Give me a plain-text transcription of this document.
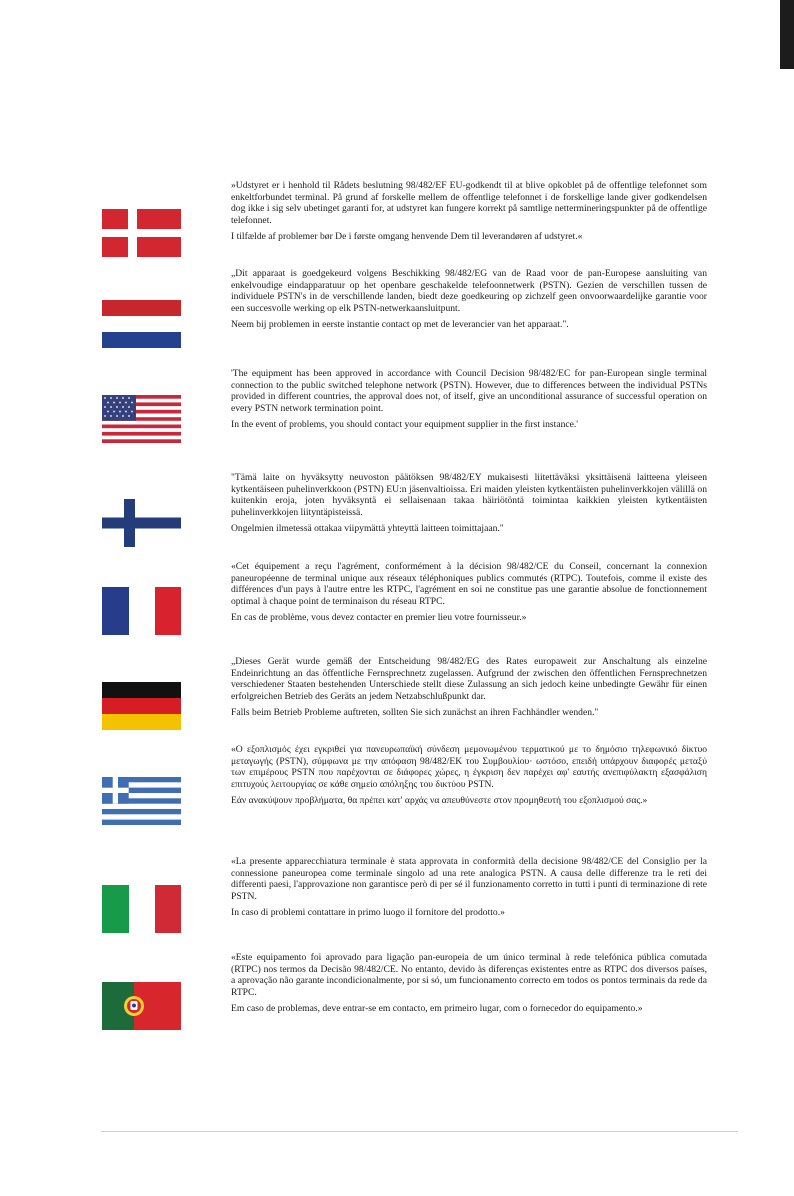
»Udstyret er i henhold til Rådets beslutning 98/482/EF EU-godkendt til at blive opkoblet på de offentlige telefonnet som enkeltforbundet terminal. På grund af forskelle mellem de offentlige telefonnet i de forskellige lande giver godkendelsen dog ikke i sig selv ubetinget garanti for, at udstyret kan fungere korrekt på samtlige nettermineringspunkter på de offentlige telefonnet.

I tilfælde af problemer bør De i første omgang henvende Dem til leverandøren af udstyret.«

„Dit apparaat is goedgekeurd volgens Beschikking 98/482/EG van de Raad voor de pan-Europese aansluiting van enkelvoudige eindapparatuur op het openbare geschakelde telefoonnetwerk (PSTN). Gezien de verschillen tussen de individuele PSTN's in de verschillende landen, biedt deze goedkeuring op zichzelf geen onvoorwaardelijke garantie voor een succesvolle werking op elk PSTN-netwerkaansluitpunt.

Neem bij problemen in eerste instantie contact op met de leverancier van het apparaat.".

'The equipment has been approved in accordance with Council Decision 98/482/EC for pan-European single terminal connection to the public switched telephone network (PSTN). However, due to differences between the individual PSTNs provided in different countries, the approval does not, of itself, give an unconditional assurance of successful operation on every PSTN network termination point.

In the event of problems, you should contact your equipment supplier in the first instance.'

"Tämä laite on hyväksytty neuvoston päätöksen 98/482/EY mukaisesti liitettäväksi yksittäisenä laitteena yleiseen kytkentäiseen puhelinverkkoon (PSTN) EU:n jäsenvaltioissa. Eri maiden yleisten kytkentäisten puhelinverkkojen välillä on kuitenkin eroja, joten hyväksyntä ei sellaisenaan takaa häiriötöntä toimintaa kaikkien yleisten kytkentäisten puhelinverkkojen liityntäpisteissä.

Ongelmien ilmetessä ottakaa viipymättä yhteyttä laitteen toimittajaan."

«Cet équipement a reçu l'agrément, conformément à la décision 98/482/CE du Conseil, concernant la connexion paneuropéenne de terminal unique aux réseaux téléphoniques publics commutés (RTPC). Toutefois, comme il existe des différences d'un pays à l'autre entre les RTPC, l'agrément en soi ne constitue pas une garantie absolue de fonctionnement optimal à chaque point de terminaison du réseau RTPC.

En cas de problème, vous devez contacter en premier lieu votre fournisseur.»

„Dieses Gerät wurde gemäß der Entscheidung 98/482/EG des Rates europaweit zur Anschaltung als einzelne Endeinrichtung an das öffentliche Fernsprechnetz zugelassen. Aufgrund der zwischen den öffentlichen Fernsprechnetzen verschiedener Staaten bestehenden Unterschiede stellt diese Zulassung an sich jedoch keine unbedingte Gewähr für einen erfolgreichen Betrieb des Geräts an jedem Netzabschlußpunkt dar.

Falls beim Betrieb Probleme auftreten, sollten Sie sich zunächst an ihren Fachhändler wenden."

«Ο εξοπλισμός έχει εγκριθεί για πανευρωπαϊκή σύνδεση μεμονωμένου τερματικού με το δημόσιο τηλεφωνικό δίκτυο μεταγωγής (PSTN), σύμφωνα με την απόφαση 98/482/ΕΚ του Συμβουλίου· ωστόσο, επειδή υπάρχουν διαφορές μεταξύ των επιμέρους PSTN που παρέχονται σε διάφορες χώρες, η έγκριση δεν παρέχει αφ' εαυτής ανεπιφύλακτη εξασφάλιση επιτυχούς λειτουργίας σε κάθε σημείο απόληξης του δικτύου PSTN.

Εάν ανακύψουν προβλήματα, θα πρέπει κατ' αρχάς να απευθύνεστε στον προμηθευτή του εξοπλισμού σας.»

«La presente apparecchiatura terminale è stata approvata in conformità della decisione 98/482/CE del Consiglio per la connessione paneuropea come terminale singolo ad una rete analogica PSTN. A causa delle differenze tra le reti dei differenti paesi, l'approvazione non garantisce però di per sé il funzionamento corretto in tutti i punti di terminazione di rete PSTN.

In caso di problemi contattare in primo luogo il fornitore del prodotto.»

«Este equipamento foi aprovado para ligação pan-europeia de um único terminal à rede telefónica pública comutada (RTPC) nos termos da Decisão 98/482/CE. No entanto, devido às diferenças existentes entre as RTPC dos diversos países, a aprovação não garante incondicionalmente, por si só, um funcionamento correcto em todos os pontos terminais da rede da RTPC.

Em caso de problemas, deve entrar-se em contacto, em primeiro lugar, com o fornecedor do equipamento.»
